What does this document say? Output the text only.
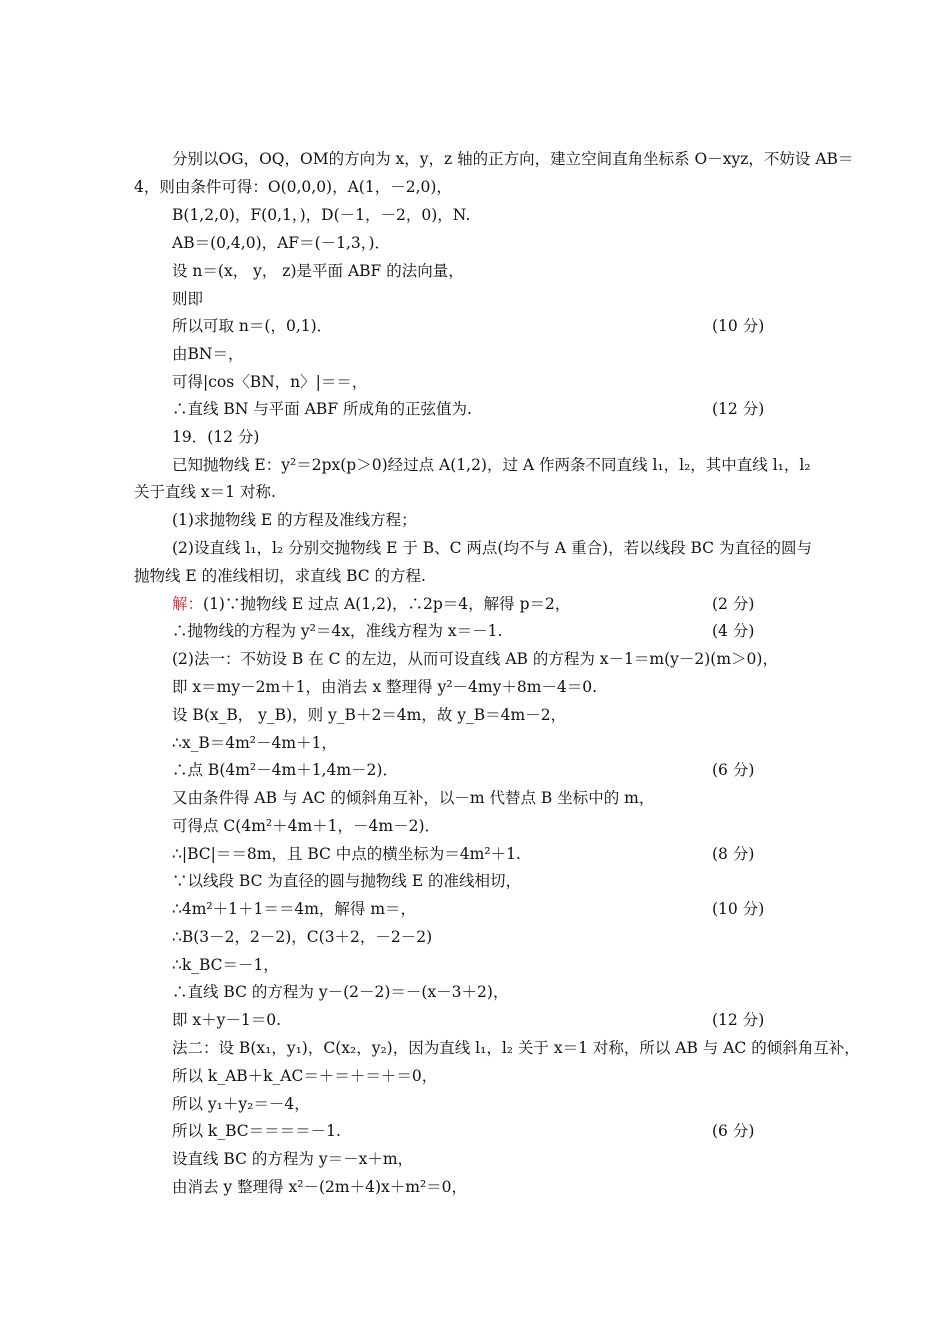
分别以OG，OQ，OM的方向为 x，y，z 轴的正方向，建立空间直角坐标系 O－xyz，不妨设 AB＝
4，则由条件可得：O(0,0,0)，A(1，－2,0)，
B(1,2,0)，F(0,1，)，D(－1，－2，0)，N.
AB＝(0,4,0)，AF＝(－1,3，)．
设 n＝(x， y， z)是平面 ABF 的法向量，
则即
所以可取 n＝(，0,1)．	(10 分)
由BN＝，
可得|cos〈BN，n〉|＝＝，
∴直线 BN 与平面 ABF 所成角的正弦值为.	(12 分)
19．(12 分)
已知抛物线 E：y²＝2px(p＞0)经过点 A(1,2)，过 A 作两条不同直线 l₁，l₂，其中直线 l₁，l₂
关于直线 x＝1 对称.
(1)求抛物线 E 的方程及准线方程；
(2)设直线 l₁，l₂ 分别交抛物线 E 于 B、C 两点(均不与 A 重合)，若以线段 BC 为直径的圆与
抛物线 E 的准线相切，求直线 BC 的方程.
解：(1)∵抛物线 E 过点 A(1,2)，∴2p＝4，解得 p＝2，	(2 分)
∴抛物线的方程为 y²＝4x，准线方程为 x＝－1.	(4 分)
(2)法一：不妨设 B 在 C 的左边，从而可设直线 AB 的方程为 x－1＝m(y－2)(m＞0)，
即 x＝my－2m＋1，由消去 x 整理得 y²－4my＋8m－4＝0.
设 B(x_B， y_B)，则 y_B＋2＝4m，故 y_B＝4m－2，
∴x_B＝4m²－4m＋1，
∴点 B(4m²－4m＋1,4m－2)．	(6 分)
又由条件得 AB 与 AC 的倾斜角互补，以－m 代替点 B 坐标中的 m，
可得点 C(4m²＋4m＋1，－4m－2)．
∴|BC|＝＝8m，且 BC 中点的横坐标为＝4m²＋1.	(8 分)
∵以线段 BC 为直径的圆与抛物线 E 的准线相切，
∴4m²＋1＋1＝＝4m，解得 m＝，	(10 分)
∴B(3－2，2－2)，C(3＋2，－2－2)
∴k_BC＝－1，
∴直线 BC 的方程为 y－(2－2)＝－(x－3＋2)，
即 x＋y－1＝0.	(12 分)
法二：设 B(x₁，y₁)，C(x₂，y₂)，因为直线 l₁，l₂ 关于 x＝1 对称，所以 AB 与 AC 的倾斜角互补，
所以 k_AB＋k_AC＝＋＝＋＝＋＝0，
所以 y₁＋y₂＝－4，
所以 k_BC＝＝＝＝－1.	(6 分)
设直线 BC 的方程为 y＝－x＋m，
由消去 y 整理得 x²－(2m＋4)x＋m²＝0，
